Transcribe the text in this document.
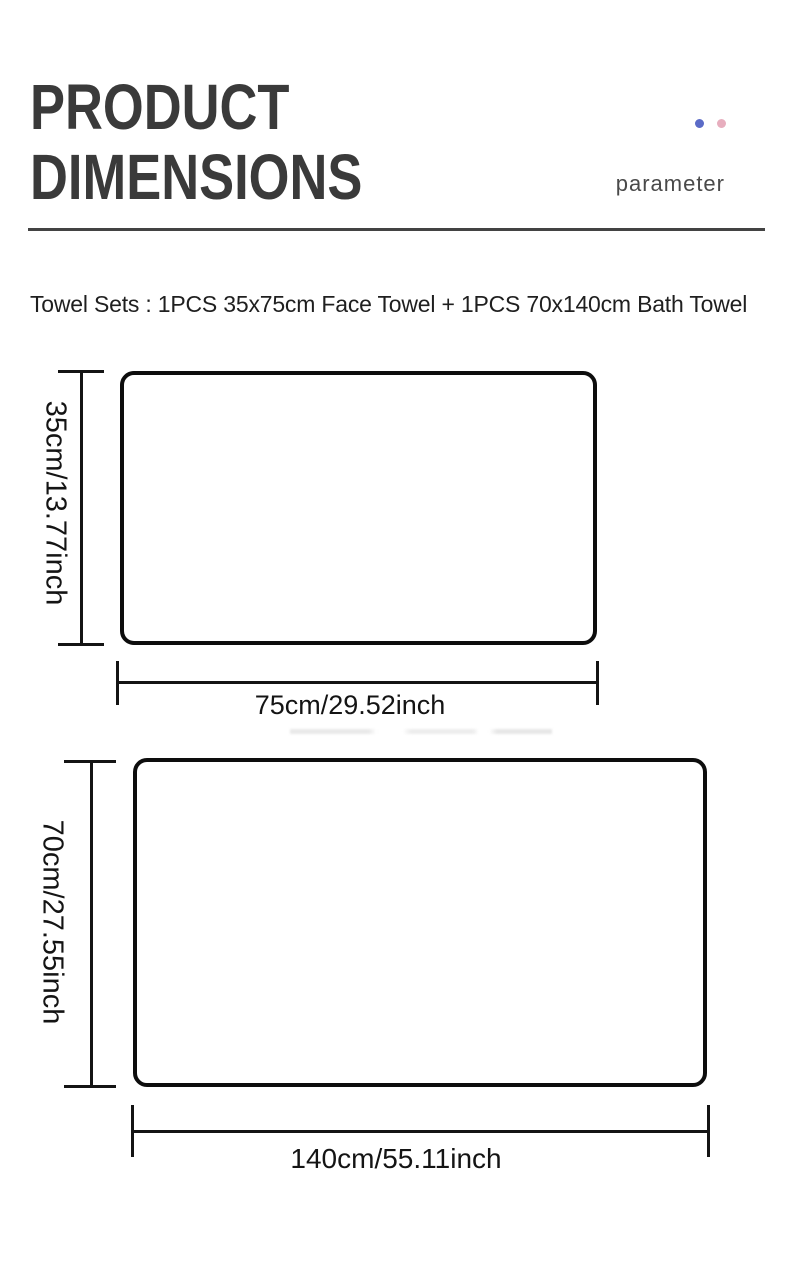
PRODUCT
DIMENSIONS	parameter
Towel Sets : 1PCS 35x75cm Face Towel + 1PCS 70x140cm Bath Towel
35cm/13.77inch
75cm/29.52inch
70cm/27.55inch
140cm/55.11inch
